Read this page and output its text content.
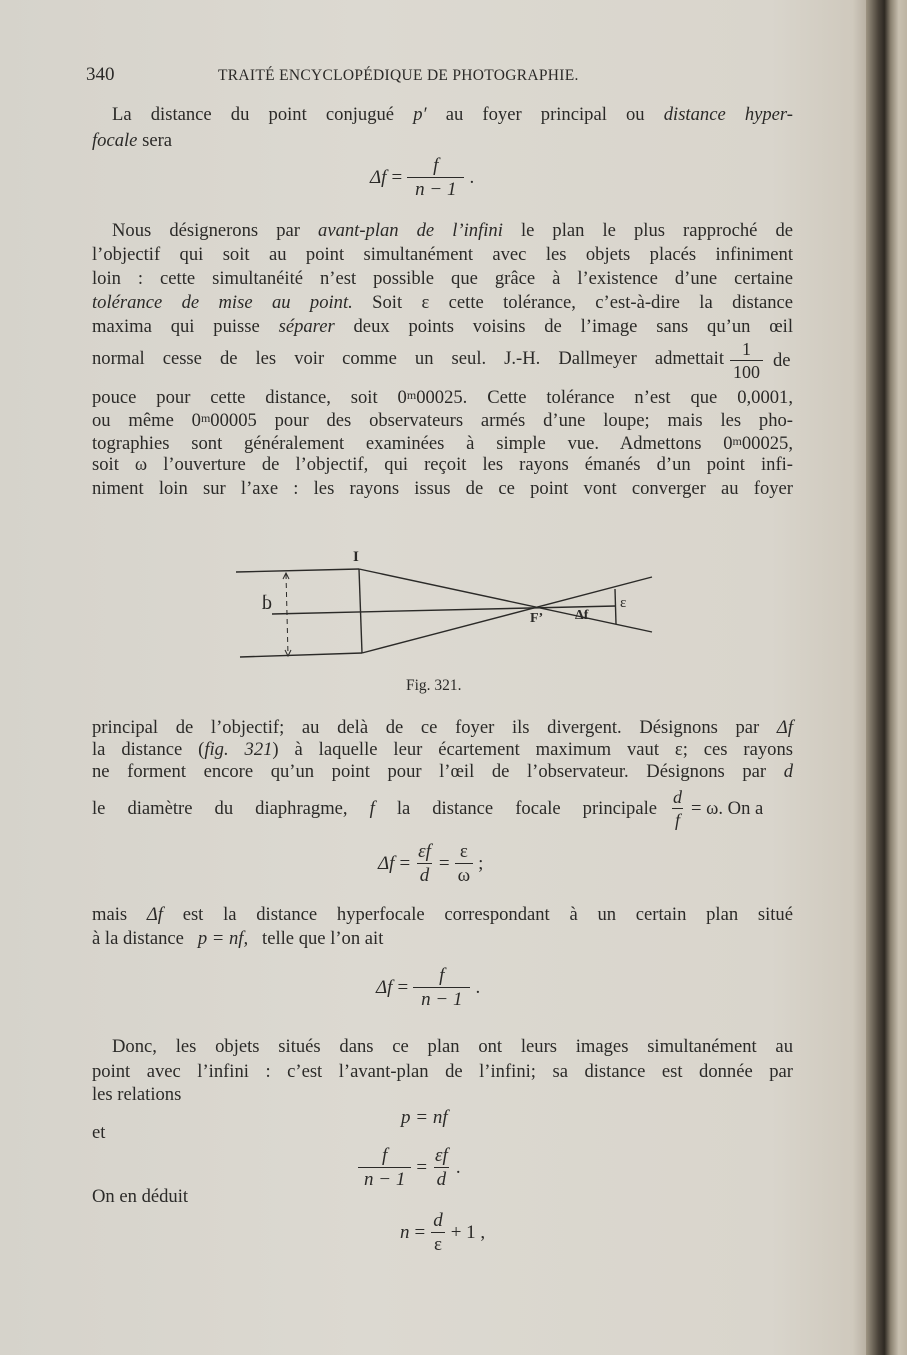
340	TRAITÉ ENCYCLOPÉDIQUE DE PHOTOGRAPHIE.
La distance du point conjugué p′ au foyer principal ou distance hyper-
focale sera
$\Delta f = \frac{f}{n - 1}$ .
Nous désignerons par avant-plan de l’infini le plan le plus rapproché de
l’objectif qui soit au point simultanément avec les objets placés infiniment
loin : cette simultanéité n’est possible que grâce à l’existence d’une certaine
tolérance de mise au point. Soit ε cette tolérance, c’est-à-dire la distance
maxima qui puisse séparer deux points voisins de l’image sans qu’un œil
normal cesse de les voir comme un seul. J.-H. Dallmeyer admettait $\frac{1}{100}$ de
pouce pour cette distance, soit 0$^m$00025. Cette tolérance n’est que 0,0001,
ou même 0$^m$00005 pour des observateurs armés d’une loupe; mais les pho-
tographies sont généralement examinées à simple vue. Admettons 0$^m$00025,
soit ω l’ouverture de l’objectif, qui reçoit les rayons émanés d’un point infi-
niment loin sur l’axe : les rayons issus de ce point vont converger au foyer
I
d
F’ Δf
ε
Fig. 321.
principal de l’objectif; au delà de ce foyer ils divergent. Désignons par Δf
la distance (fig. 321) à laquelle leur écartement maximum vaut ε; ces rayons
ne forment encore qu’un point pour l’œil de l’observateur. Désignons par d
le diamètre du diaphragme, f la distance focale principale $\frac{d}{f} = \omega$. On a
$\Delta f = \frac{\varepsilon f}{d} = \frac{\varepsilon}{\omega}$ ;
mais Δf est la distance hyperfocale correspondant à un certain plan situé
à la distance   p = nf,   telle que l’on ait
$\Delta f = \frac{f}{n - 1}$ .
Donc, les objets situés dans ce plan ont leurs images simultanément au
point avec l’infini : c’est l’avant-plan de l’infini; sa distance est donnée par
les relations
p = nf
et
$\frac{f}{n - 1} = \frac{\varepsilon f}{d}$ .
On en déduit
$n = \frac{d}{\varepsilon} + 1$ ,
